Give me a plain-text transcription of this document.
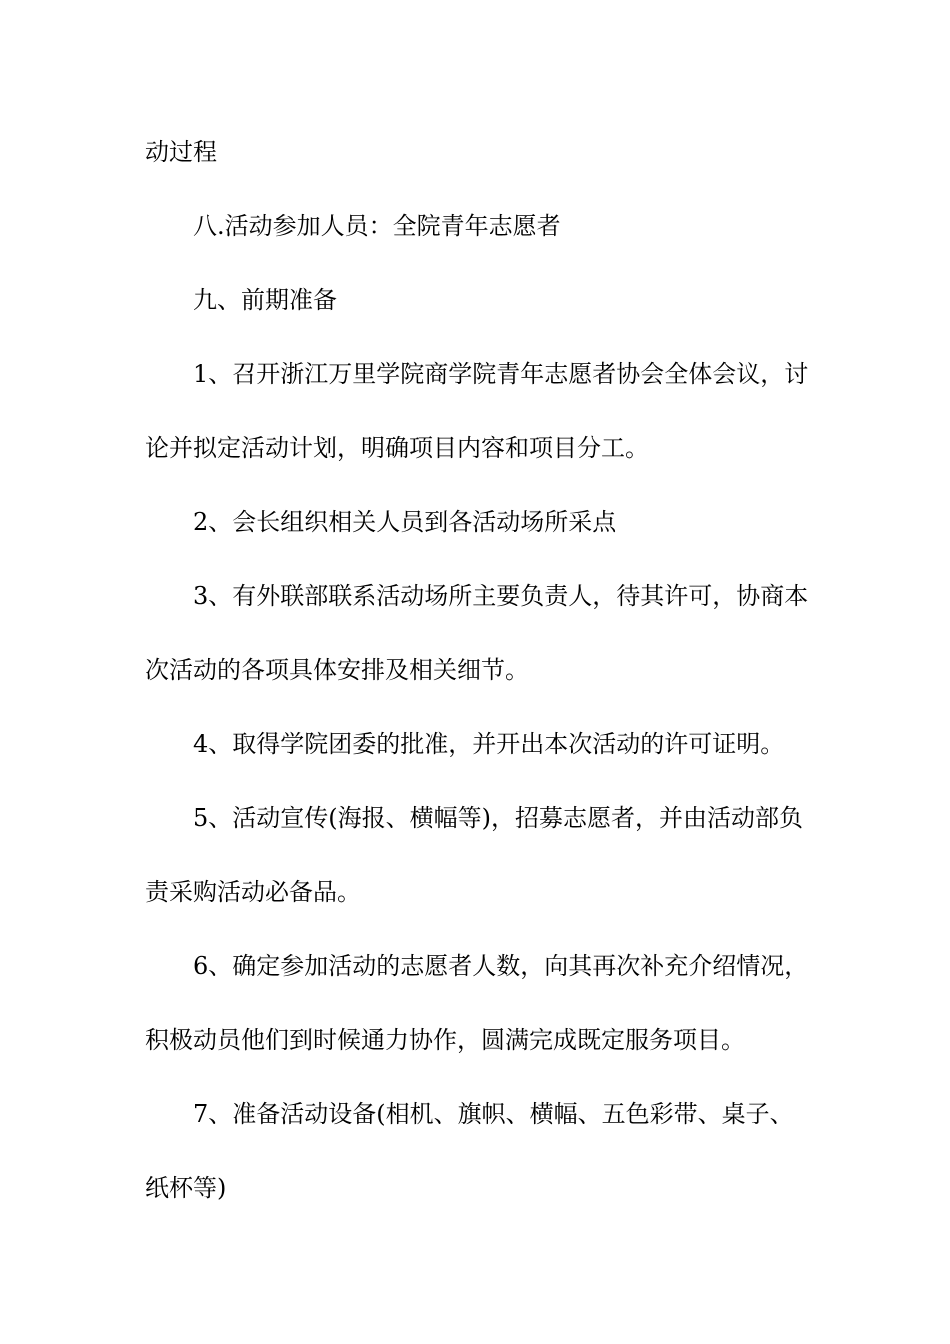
动过程
八.活动参加人员：全院青年志愿者
九、前期准备
1、召开浙江万里学院商学院青年志愿者协会全体会议，讨
论并拟定活动计划，明确项目内容和项目分工。
2、会长组织相关人员到各活动场所采点
3、有外联部联系活动场所主要负责人，待其许可，协商本
次活动的各项具体安排及相关细节。
4、取得学院团委的批准，并开出本次活动的许可证明。
5、活动宣传(海报、横幅等)，招募志愿者，并由活动部负
责采购活动必备品。
6、确定参加活动的志愿者人数，向其再次补充介绍情况，
积极动员他们到时候通力协作，圆满完成既定服务项目。
7、准备活动设备(相机、旗帜、横幅、五色彩带、桌子、
纸杯等)
